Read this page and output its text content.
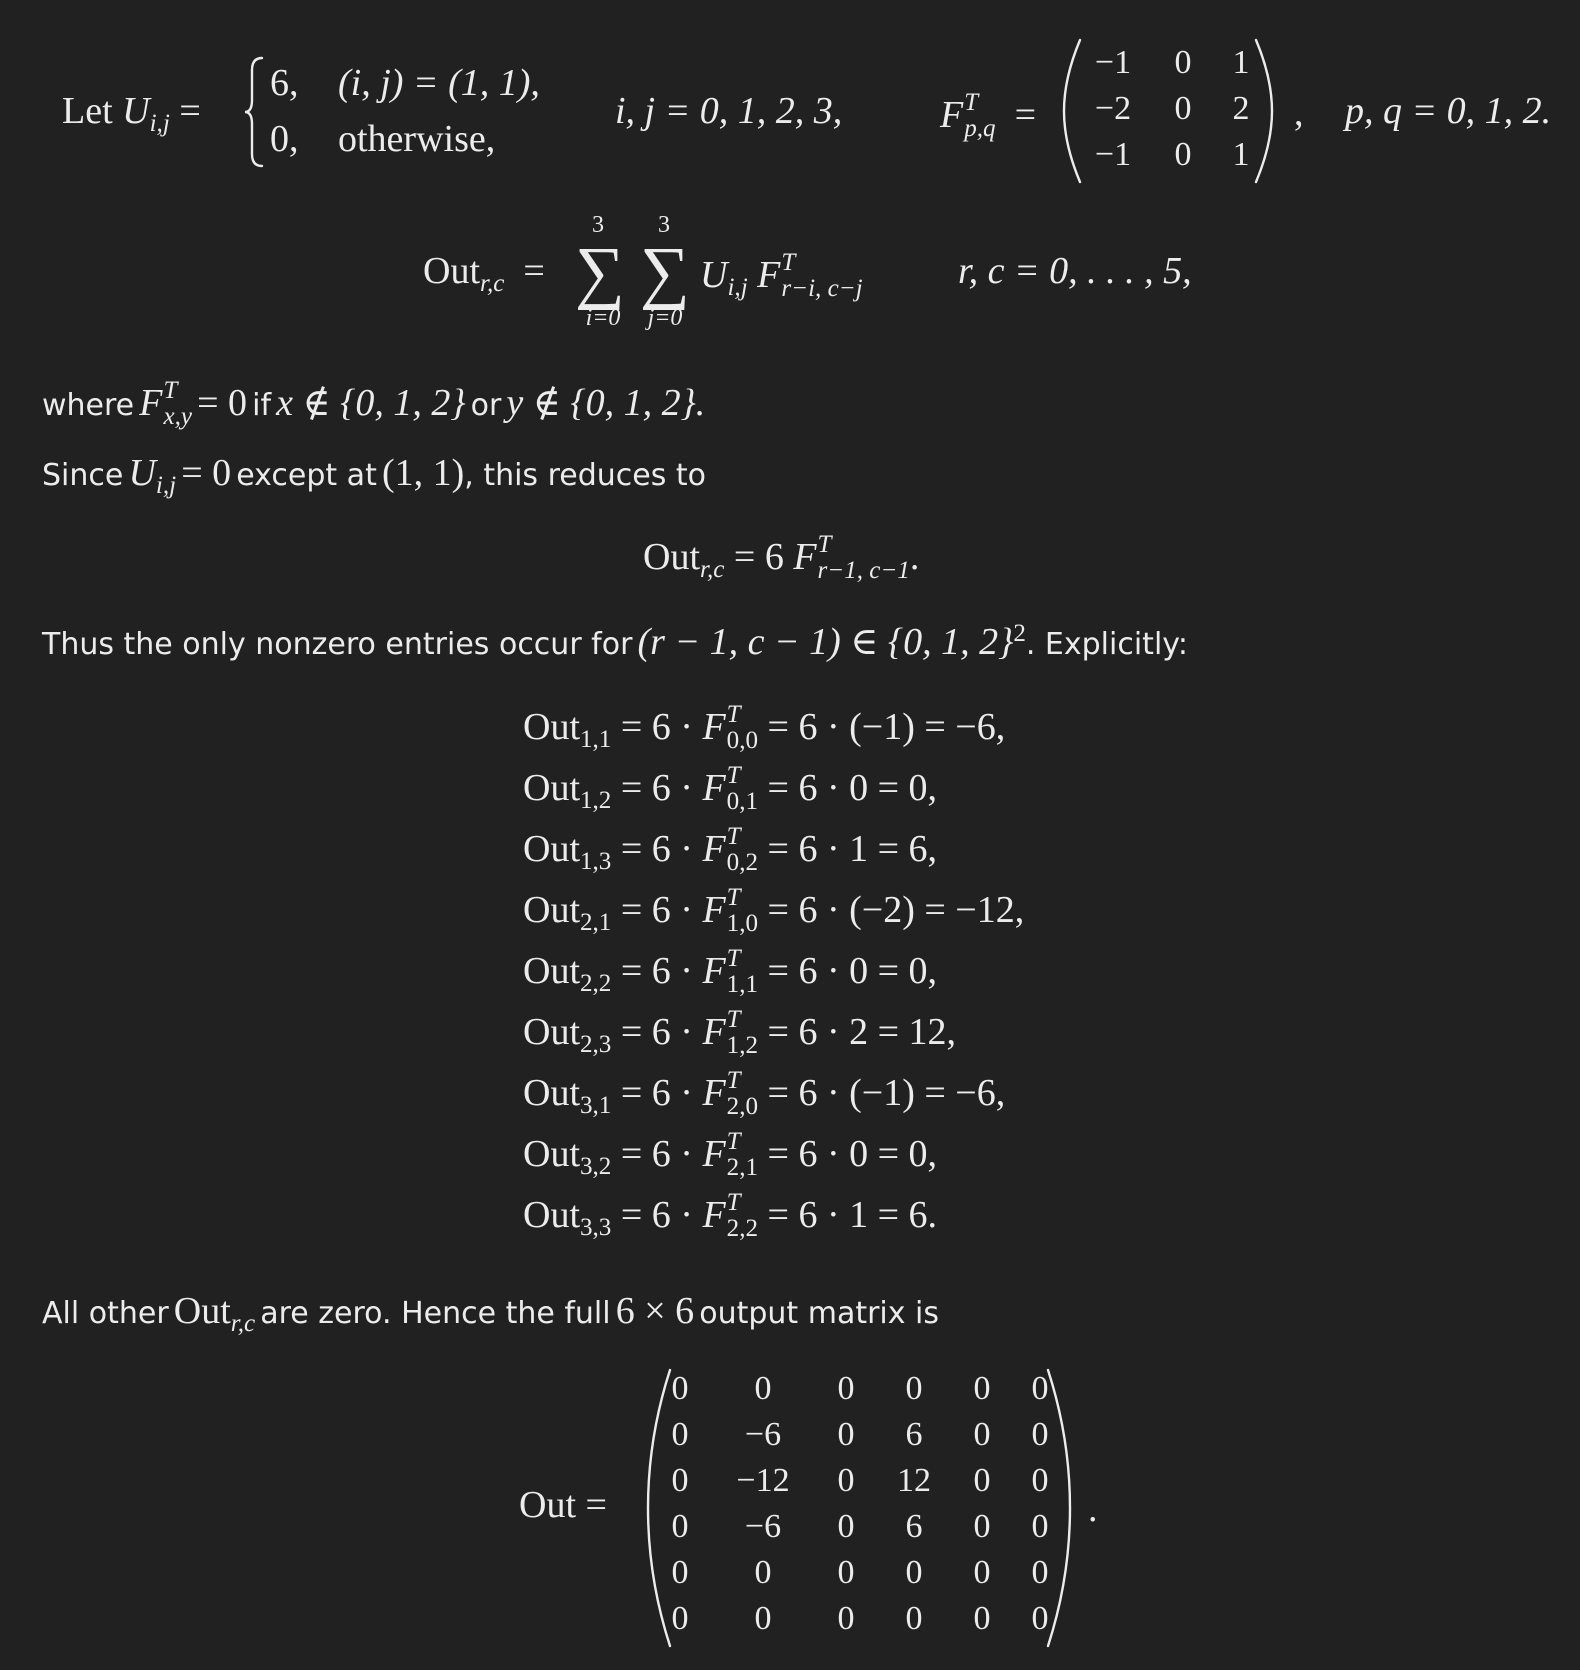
Let $U_{i,j}$ =
6, (i, j) = (1, 1),
0, otherwise,
i, j = 0, 1, 2, 3,	F T
p,q =
−1 0 1
−2 0 2
−1 0 1
, p, q = 0, 1, 2.
Out$_{r,c}$  =
3
∑
i=0
3
∑
j=0
$U_{i,j}$ F T
r−i, c−j	r, c = 0, . . . , 5,
where F T
x,y = 0 if x ∉ {0, 1, 2} or y ∉ {0, 1, 2}.
Since $U_{i,j} = 0$ except at (1, 1), this reduces to
Out$_{r,c}$ = 6 F T
r−1, c−1 .
Thus the only nonzero entries occur for (r − 1, c − 1) ∈ {0, 1, 2}$^2$. Explicitly:
Out$_{1,1}$ = 6 · F T
0,0 = 6 · (−1) = −6,
Out$_{1,2}$ = 6 · F T
0,1 = 6 · 0 = 0,
Out$_{1,3}$ = 6 · F T
0,2 = 6 · 1 = 6,
Out$_{2,1}$ = 6 · F T
1,0 = 6 · (−2) = −12,
Out$_{2,2}$ = 6 · F T
1,1 = 6 · 0 = 0,
Out$_{2,3}$ = 6 · F T
1,2 = 6 · 2 = 12,
Out$_{3,1}$ = 6 · F T
2,0 = 6 · (−1) = −6,
Out$_{3,2}$ = 6 · F T
2,1 = 6 · 0 = 0,
Out$_{3,3}$ = 6 · F T
2,2 = 6 · 1 = 6.
All other Out$_{r,c}$ are zero. Hence the full 6 × 6 output matrix is
Out =	.
0 0 0 0 0 0
0 −6 0 6 0 0
0 −12 0 12 0 0
0 −6 0 6 0 0
0 0 0 0 0 0
0 0 0 0 0 0
